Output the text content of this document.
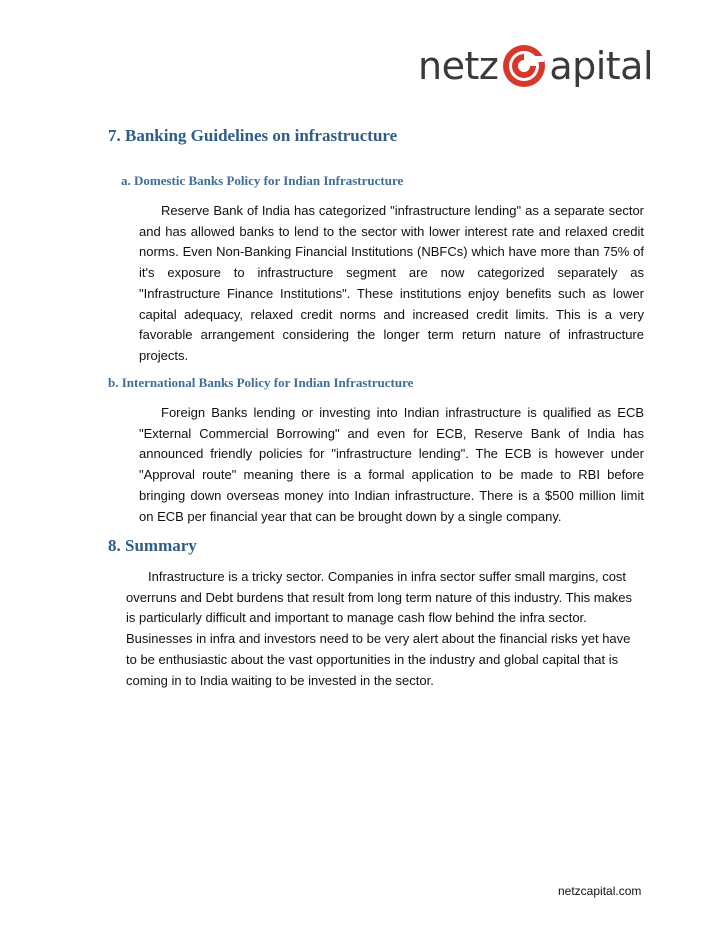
netz apital
7. Banking Guidelines on infrastructure
a. Domestic Banks Policy for Indian Infrastructure

Reserve Bank of India has categorized "infrastructure lending" as a separate sector and has allowed banks to lend to the sector with lower interest rate and relaxed credit norms. Even Non-Banking Financial Institutions (NBFCs) which have more than 75% of it's exposure to infrastructure segment are now categorized separately as "Infrastructure Finance Institutions". These institutions enjoy benefits such as lower capital adequacy, relaxed credit norms and increased credit limits. This is a very favorable arrangement considering the longer term return nature of infrastructure projects.

b. International Banks Policy for Indian Infrastructure

Foreign Banks lending or investing into Indian infrastructure is qualified as ECB "External Commercial Borrowing" and even for ECB, Reserve Bank of India has announced friendly policies for "infrastructure lending". The ECB is however under "Approval route" meaning there is a formal application to be made to RBI before bringing down overseas money into Indian infrastructure. There is a $500 million limit on ECB per financial year that can be brought down by a single company.

8. Summary

Infrastructure is a tricky sector. Companies in infra sector suffer small margins, cost overruns and Debt burdens that result from long term nature of this industry. This makes is particularly difficult and important to manage cash flow behind the infra sector. Businesses in infra and investors need to be very alert about the financial risks yet have to be enthusiastic about the vast opportunities in the industry and global capital that is coming in to India waiting to be invested in the sector.

netzcapital.com
